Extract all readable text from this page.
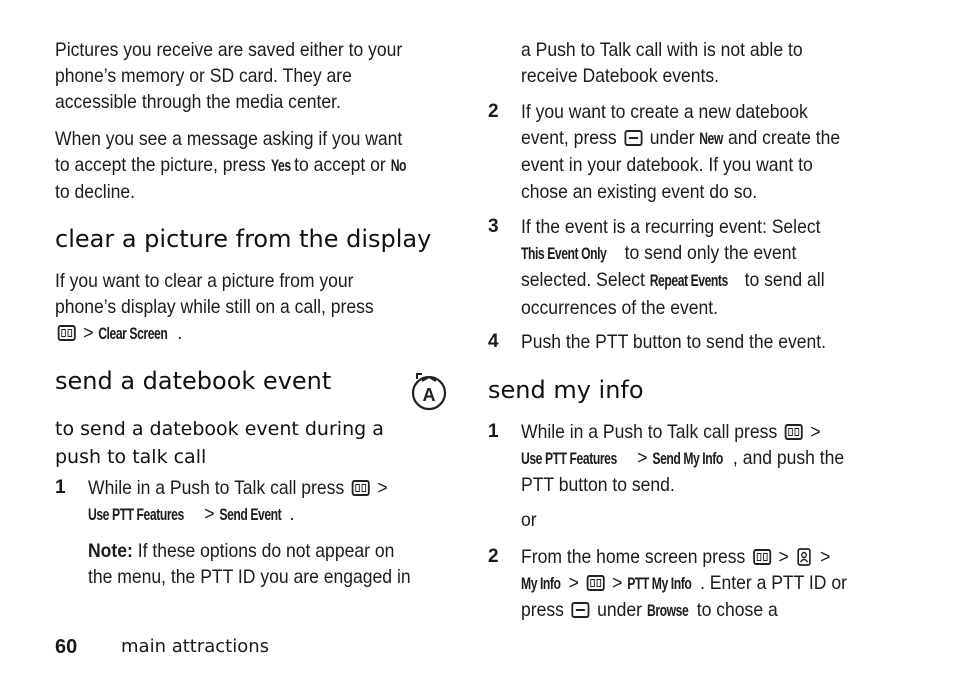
Pictures you receive are saved either to your
phone’s memory or SD card. They are
accessible through the media center.
When you see a message asking if you want
to accept the picture, press Yes to accept or No
to decline.
clear a picture from the display
If you want to clear a picture from your
phone’s display while still on a call, press
> Clear Screen .
send a datebook event	A
to send a datebook event during a
push to talk call
1 While in a Push to Talk call press >
Use PTT Features > Send Event .
Note: If these options do not appear on
the menu, the PTT ID you are engaged in
a Push to Talk call with is not able to
receive Datebook events.
2 If you want to create a new datebook
event, press under New and create the
event in your datebook. If you want to
chose an existing event do so.
3 If the event is a recurring event: Select
This Event Only to send only the event
selected. Select Repeat Events to send all
occurrences of the event.
4 Push the PTT button to send the event.
send my info
1 While in a Push to Talk call press >
Use PTT Features > Send My Info , and push the
PTT button to send.
or
2 From the home screen press > >
My Info > > PTT My Info . Enter a PTT ID or
press under Browse to chose a
60 main attractions
